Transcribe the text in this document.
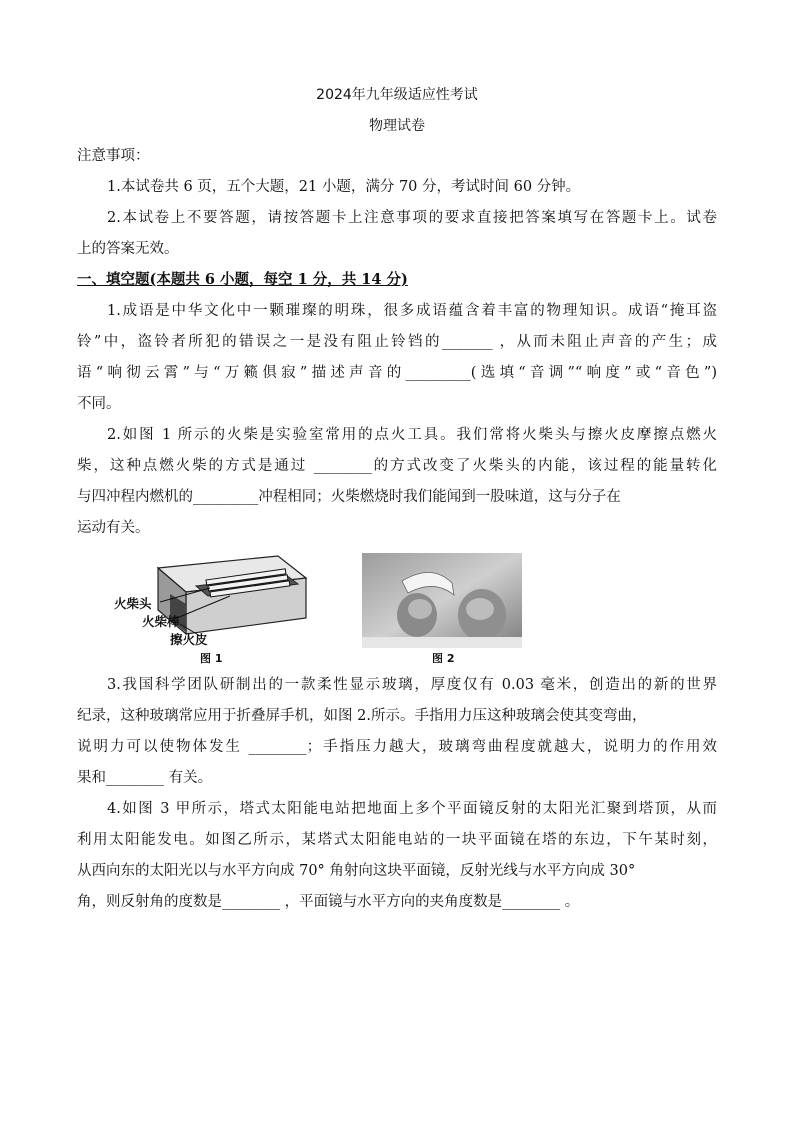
2024年九年级适应性考试
物理试卷
注意事项：
1.本试卷共 6 页，五个大题，21 小题，满分 70 分，考试时间 60 分钟。
2.本试卷上不要答题，请按答题卡上注意事项的要求直接把答案填写在答题卡上。试卷
上的答案无效。
一、填空题(本题共 6 小题，每空 1 分，共 14 分)
1.成语是中华文化中一颗璀璨的明珠，很多成语蕴含着丰富的物理知识。成语“掩耳盗
铃”中，盗铃者所犯的错误之一是没有阻止铃铛的_______ ，从而未阻止声音的产生；成
语“响彻云霄”与“万籁俱寂”描述声音的_________(选填“音调”“响度”或“音色”)
不同。
2.如图 1 所示的火柴是实验室常用的点火工具。我们常将火柴头与擦火皮摩擦点燃火
柴，这种点燃火柴的方式是通过 ________的方式改变了火柴头的内能，该过程的能量转化
与四冲程内燃机的_________冲程相同；火柴燃烧时我们能闻到一股味道，这与分子在
运动有关。
火柴头
火柴棒
擦火皮
图 1	图 2
3.我国科学团队研制出的一款柔性显示玻璃，厚度仅有 0.03 毫米，创造出的新的世界
纪录，这种玻璃常应用于折叠屏手机，如图 2.所示。手指用力压这种玻璃会使其变弯曲，
说明力可以使物体发生 ________；手指压力越大，玻璃弯曲程度就越大，说明力的作用效
果和________ 有关。
4.如图 3 甲所示，塔式太阳能电站把地面上多个平面镜反射的太阳光汇聚到塔顶，从而
利用太阳能发电。如图乙所示，某塔式太阳能电站的一块平面镜在塔的东边，下午某时刻，
从西向东的太阳光以与水平方向成 70° 角射向这块平面镜，反射光线与水平方向成 30°
角，则反射角的度数是________ ，平面镜与水平方向的夹角度数是________ 。
